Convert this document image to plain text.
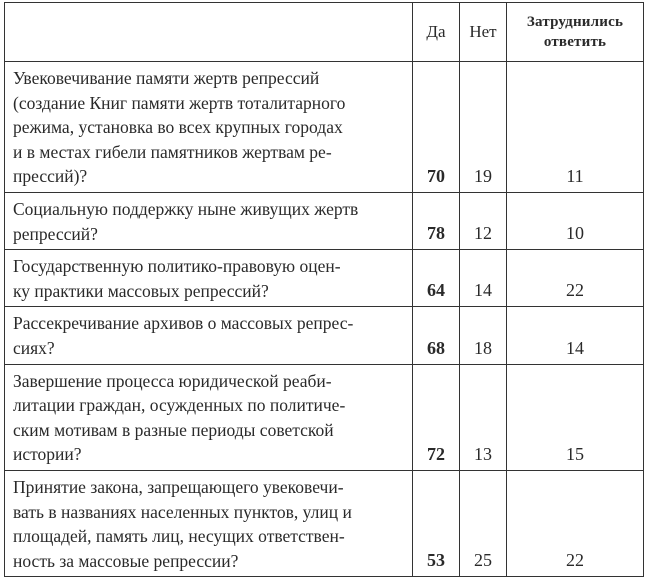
	Да	Нет	Затруднились
ответить

Увековечивание памяти жертв репрессий
(создание Книг памяти жертв тоталитарного
режима, установка во всех крупных городах
и в местах гибели памятников жертвам ре-
прессий)?	70	19	11

Социальную поддержку ныне живущих жертв
репрессий?	78	12	10

Государственную политико-правовую оцен-
ку практики массовых репрессий?	64	14	22

Рассекречивание архивов о массовых репрес-
сиях?	68	18	14

Завершение процесса юридической реаби-
литации граждан, осужденных по политиче-
ским мотивам в разные периоды советской
истории?	72	13	15

Принятие закона, запрещающего увековечи-
вать в названиях населенных пунктов, улиц и
площадей, память лиц, несущих ответствен-
ность за массовые репрессии?	53	25	22
